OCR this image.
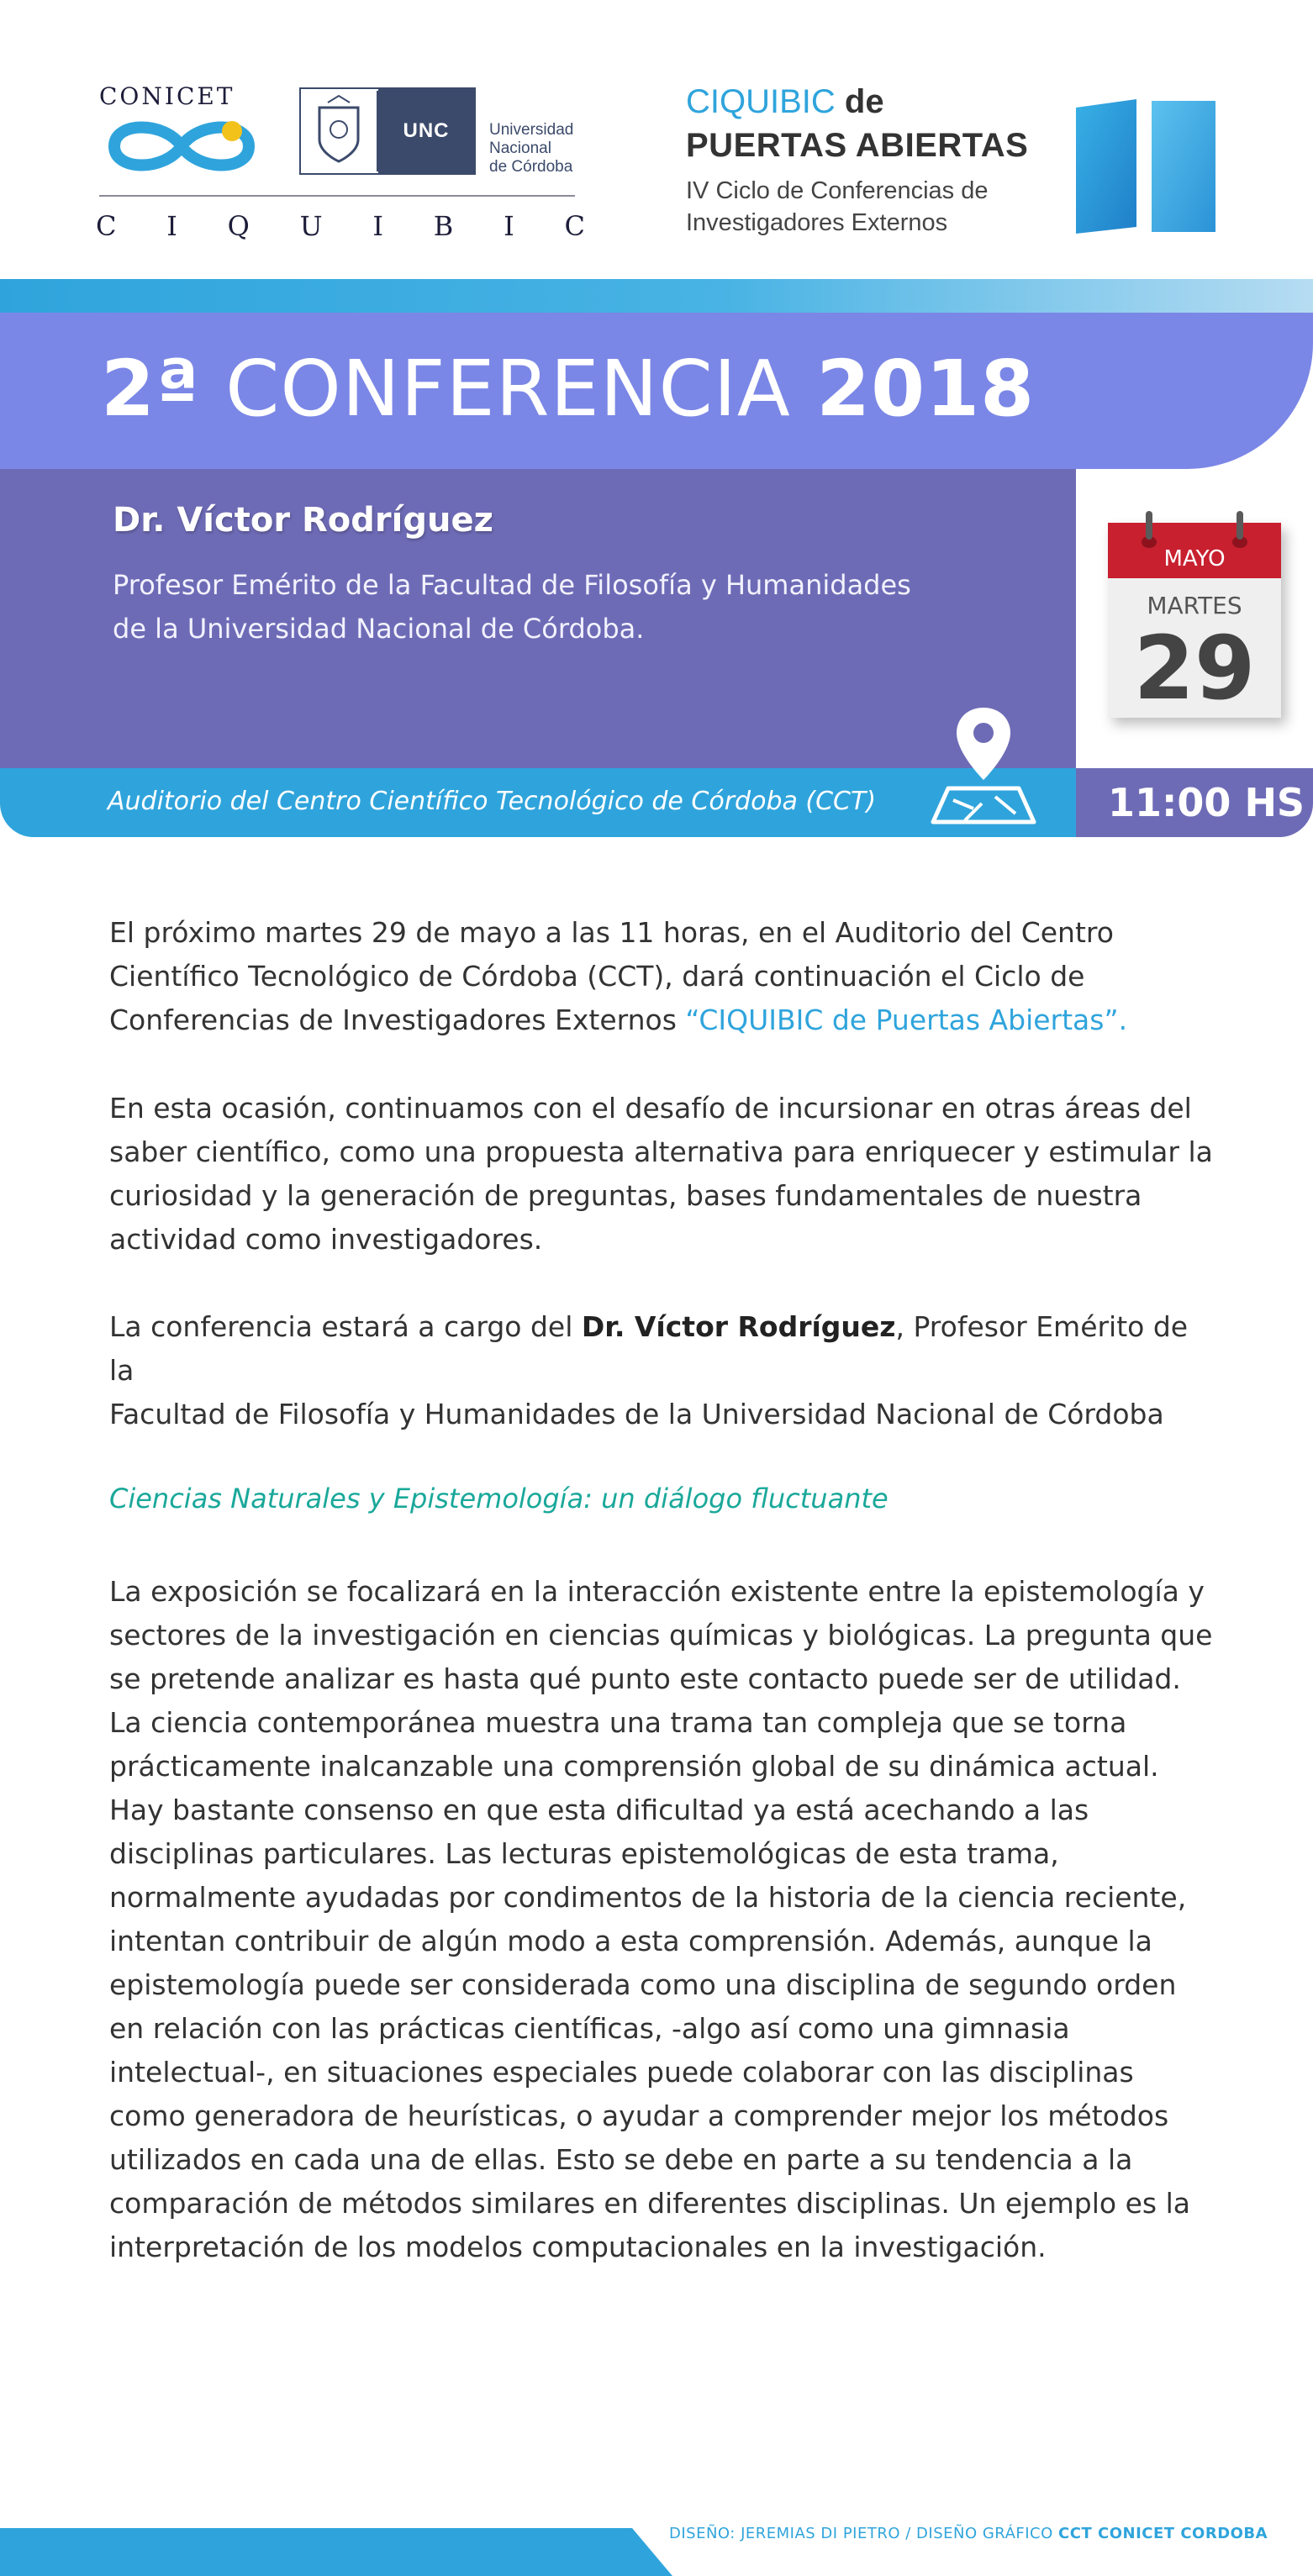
CONICET
UNC	Universidad
Nacional
de Córdoba
C I Q U I B I C
CIQUIBIC de
PUERTAS ABIERTAS
IV Ciclo de Conferencias de
Investigadores Externos
2ª CONFERENCIA 2018
Dr. Víctor Rodríguez
Profesor Emérito de la Facultad de Filosofía y Humanidades
de la Universidad Nacional de Córdoba.
MAYO
MARTES
29
Auditorio del Centro Científico Tecnológico de Córdoba (CCT)	11:00 HS
El próximo martes 29 de mayo a las 11 horas, en el Auditorio del Centro
Científico Tecnológico de Córdoba (CCT), dará continuación el Ciclo de
Conferencias de Investigadores Externos “CIQUIBIC de Puertas Abiertas”.
En esta ocasión, continuamos con el desafío de incursionar en otras áreas del
saber científico, como una propuesta alternativa para enriquecer y estimular la
curiosidad y la generación de preguntas, bases fundamentales de nuestra
actividad como investigadores.
La conferencia estará a cargo del Dr. Víctor Rodríguez, Profesor Emérito de la
Facultad de Filosofía y Humanidades de la Universidad Nacional de Córdoba
Ciencias Naturales y Epistemología: un diálogo fluctuante
La exposición se focalizará en la interacción existente entre la epistemología y
sectores de la investigación en ciencias químicas y biológicas. La pregunta que
se pretende analizar es hasta qué punto este contacto puede ser de utilidad.
La ciencia contemporánea muestra una trama tan compleja que se torna
prácticamente inalcanzable una comprensión global de su dinámica actual.
Hay bastante consenso en que esta dificultad ya está acechando a las
disciplinas particulares. Las lecturas epistemológicas de esta trama,
normalmente ayudadas por condimentos de la historia de la ciencia reciente,
intentan contribuir de algún modo a esta comprensión. Además, aunque la
epistemología puede ser considerada como una disciplina de segundo orden
en relación con las prácticas científicas, -algo así como una gimnasia
intelectual-, en situaciones especiales puede colaborar con las disciplinas
como generadora de heurísticas, o ayudar a comprender mejor los métodos
utilizados en cada una de ellas. Esto se debe en parte a su tendencia a la
comparación de métodos similares en diferentes disciplinas. Un ejemplo es la
interpretación de los modelos computacionales en la investigación.
DISEÑO: JEREMIAS DI PIETRO / DISEÑO GRÁFICO CCT CONICET CORDOBA
